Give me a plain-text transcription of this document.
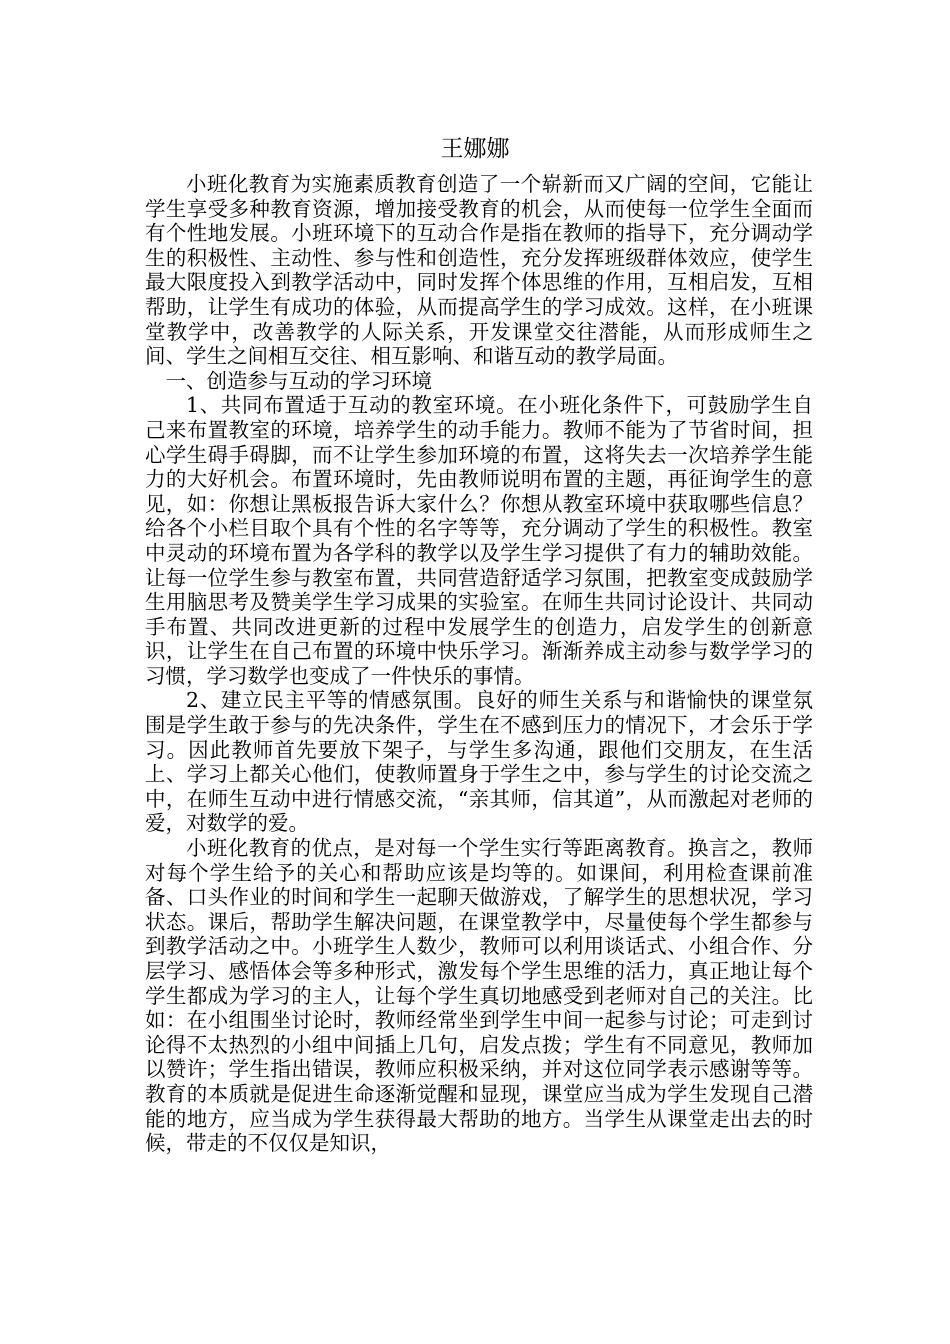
王娜娜

小班化教育为实施素质教育创造了一个崭新而又广阔的空间，它能让学生享受多种教育资源，增加接受教育的机会，从而使每一位学生全面而有个性地发展。小班环境下的互动合作是指在教师的指导下，充分调动学生的积极性、主动性、参与性和创造性，充分发挥班级群体效应，使学生最大限度投入到教学活动中，同时发挥个体思维的作用，互相启发，互相帮助，让学生有成功的体验，从而提高学生的学习成效。这样，在小班课堂教学中，改善教学的人际关系，开发课堂交往潜能，从而形成师生之间、学生之间相互交往、相互影响、和谐互动的教学局面。

一、创造参与互动的学习环境

1、共同布置适于互动的教室环境。在小班化条件下，可鼓励学生自己来布置教室的环境，培养学生的动手能力。教师不能为了节省时间，担心学生碍手碍脚，而不让学生参加环境的布置，这将失去一次培养学生能力的大好机会。布置环境时，先由教师说明布置的主题，再征询学生的意见，如：你想让黑板报告诉大家什么？你想从教室环境中获取哪些信息？给各个小栏目取个具有个性的名字等等，充分调动了学生的积极性。教室中灵动的环境布置为各学科的教学以及学生学习提供了有力的辅助效能。让每一位学生参与教室布置，共同营造舒适学习氛围，把教室变成鼓励学生用脑思考及赞美学生学习成果的实验室。在师生共同讨论设计、共同动手布置、共同改进更新的过程中发展学生的创造力，启发学生的创新意识，让学生在自己布置的环境中快乐学习。渐渐养成主动参与数学学习的习惯，学习数学也变成了一件快乐的事情。

2、建立民主平等的情感氛围。良好的师生关系与和谐愉快的课堂氛围是学生敢于参与的先决条件，学生在不感到压力的情况下，才会乐于学习。因此教师首先要放下架子，与学生多沟通，跟他们交朋友，在生活上、学习上都关心他们，使教师置身于学生之中，参与学生的讨论交流之中，在师生互动中进行情感交流，“亲其师，信其道”，从而激起对老师的爱，对数学的爱。

小班化教育的优点，是对每一个学生实行等距离教育。换言之，教师对每个学生给予的关心和帮助应该是均等的。如课间，利用检查课前准备、口头作业的时间和学生一起聊天做游戏，了解学生的思想状况，学习状态。课后，帮助学生解决问题，在课堂教学中，尽量使每个学生都参与到教学活动之中。小班学生人数少，教师可以利用谈话式、小组合作、分层学习、感悟体会等多种形式，激发每个学生思维的活力，真正地让每个学生都成为学习的主人，让每个学生真切地感受到老师对自己的关注。比如：在小组围坐讨论时，教师经常坐到学生中间一起参与讨论；可走到讨论得不太热烈的小组中间插上几句，启发点拨；学生有不同意见，教师加以赞许；学生指出错误，教师应积极采纳，并对这位同学表示感谢等等。教育的本质就是促进生命逐渐觉醒和显现，课堂应当成为学生发现自己潜能的地方，应当成为学生获得最大帮助的地方。当学生从课堂走出去的时候，带走的不仅仅是知识，
